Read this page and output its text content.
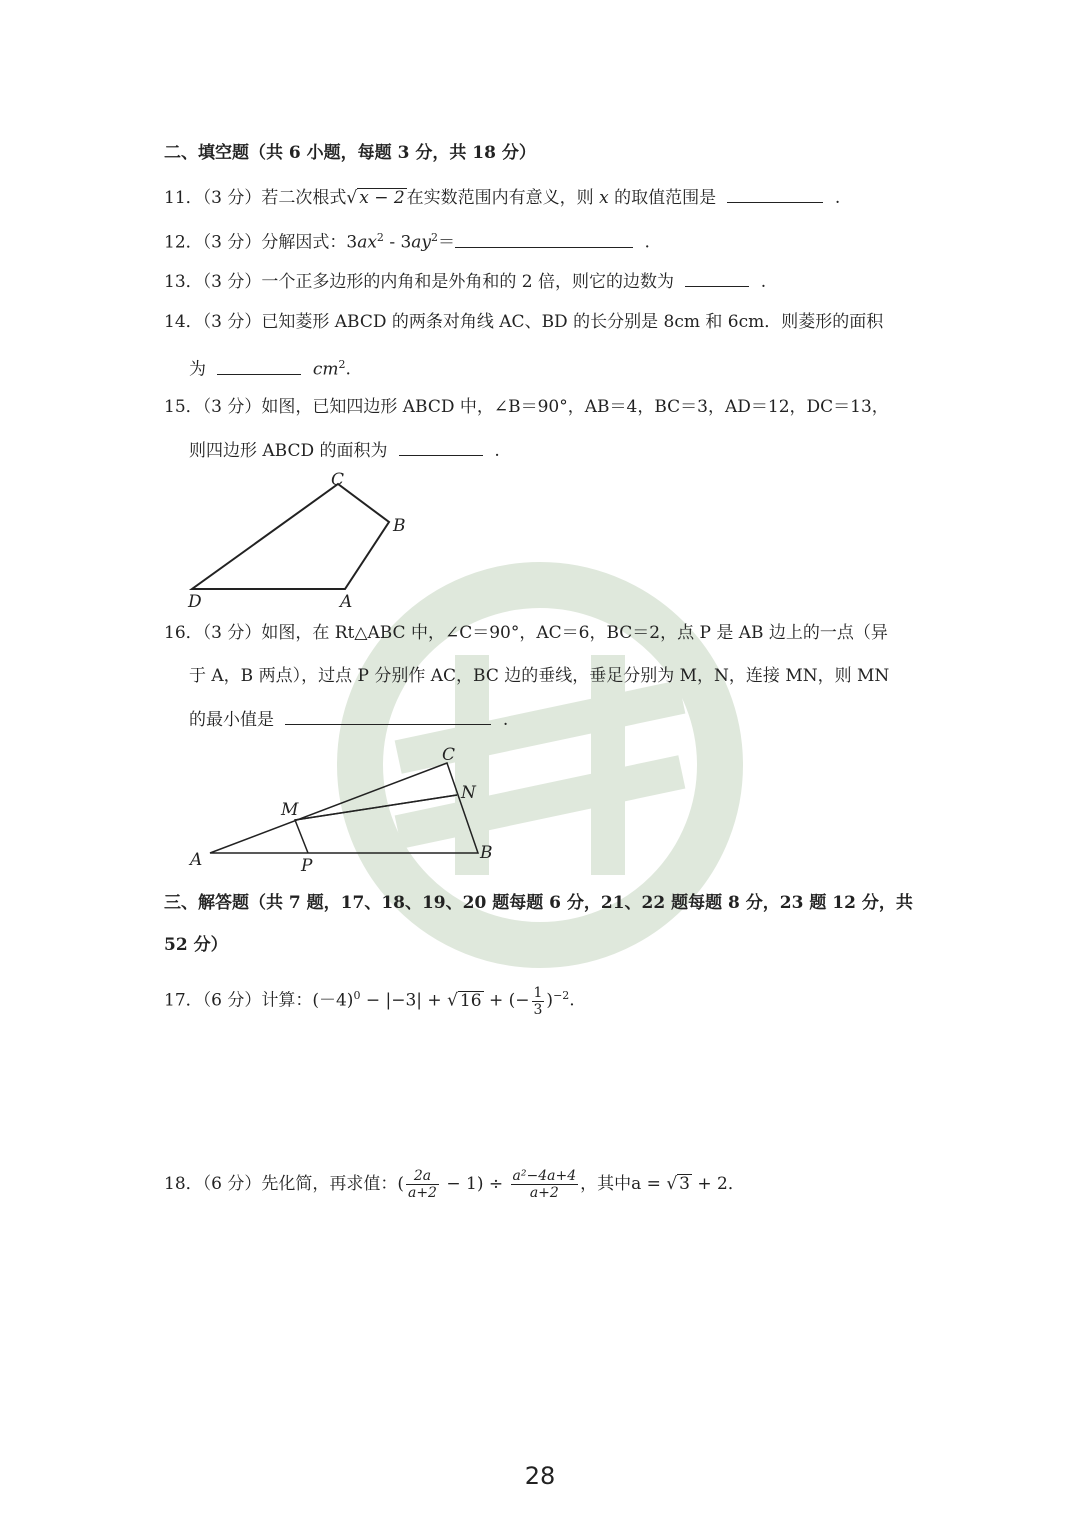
二、填空题（共 6 小题，每题 3 分，共 18 分）
11．（3 分）若二次根式√ x − 2 在实数范围内有意义，则 x 的取值范围是	.
12．（3 分）分解因式：$3ax^2 - 3ay^2=$	.
13．（3 分）一个正多边形的内角和是外角和的 2 倍，则它的边数为	.
14．（3 分）已知菱形 ABCD 的两条对角线 AC、BD 的长分别是 8cm 和 6cm．则菱形的面积
为	$cm^2$.
15．（3 分）如图，已知四边形 ABCD 中，∠B＝90°，AB＝4，BC＝3，AD＝12，DC＝13，
则四边形 ABCD 的面积为	.
C
B
D	A
16．（3 分）如图，在 Rt△ABC 中，∠C＝90°，AC＝6，BC＝2，点 P 是 AB 边上的一点（异
于 A，B 两点），过点 P 分别作 AC，BC 边的垂线，垂足分别为 M，N，连接 MN，则 MN
的最小值是	.
C
N
M
A	P
B
三、解答题（共 7 题，17、18、19、20 题每题 6 分，21、22 题每题 8 分，23 题 12 分，共
52 分）
17．（6 分）计算：$(-4)^0 - |-3|$ + √ 16 + (− $\frac{1}{3} )^{-2}$.
18．（6 分）先化简，再求值：( $\frac{2a}{a+2} - 1) \div \frac{\text{a²−4a+4}}{a+2}$ ，其中a = √ 3 + 2．
28
